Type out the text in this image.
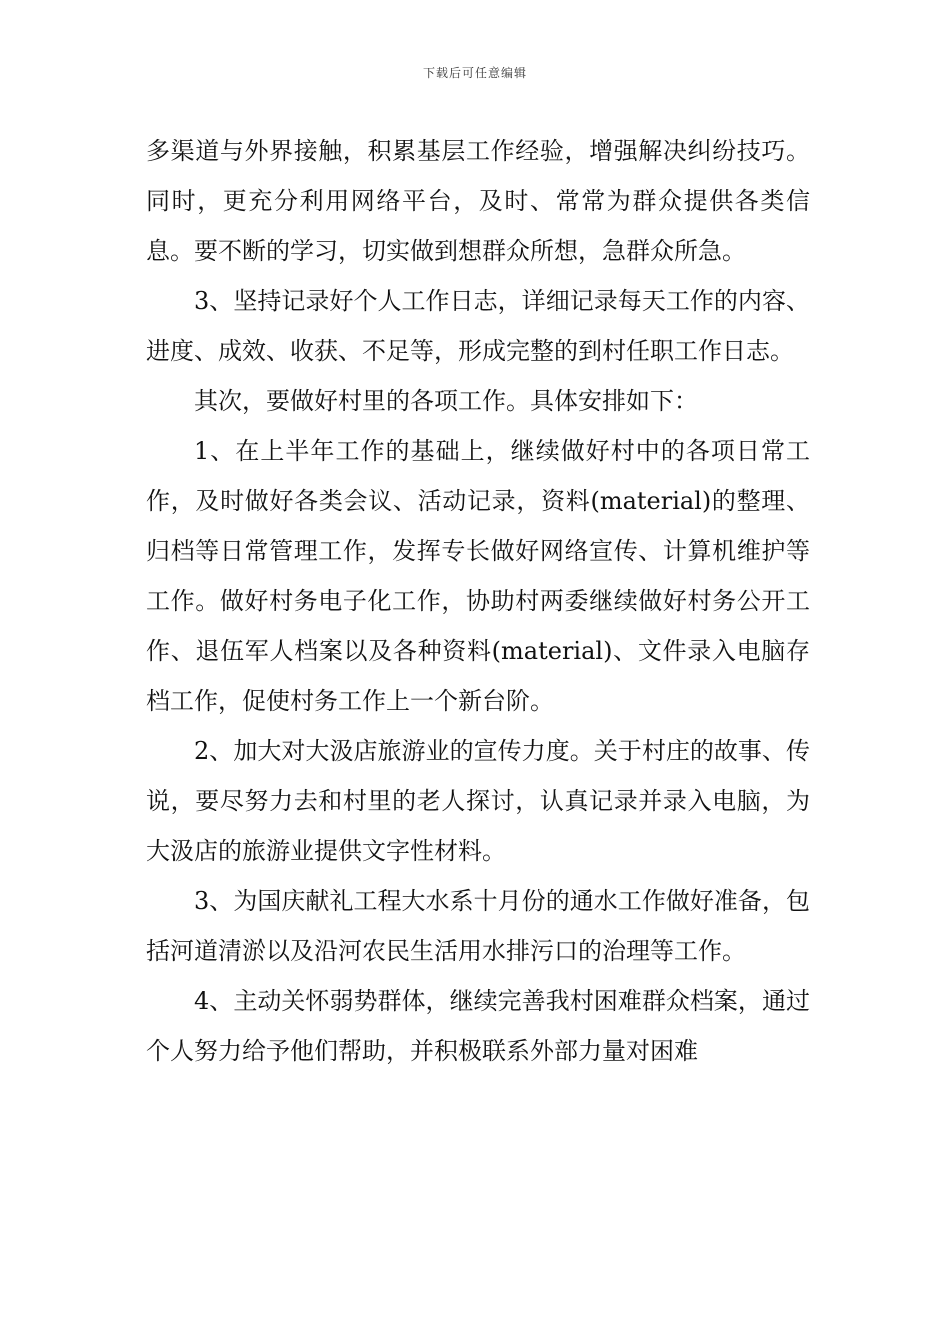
下载后可任意编辑

多渠道与外界接触，积累基层工作经验，增强解决纠纷技巧。同时，更充分利用网络平台，及时、常常为群众提供各类信息。要不断的学习，切实做到想群众所想，急群众所急。

3、坚持记录好个人工作日志，详细记录每天工作的内容、进度、成效、收获、不足等，形成完整的到村任职工作日志。

其次，要做好村里的各项工作。具体安排如下：

1、在上半年工作的基础上，继续做好村中的各项日常工作，及时做好各类会议、活动记录，资料(material)的整理、归档等日常管理工作，发挥专长做好网络宣传、计算机维护等工作。做好村务电子化工作，协助村两委继续做好村务公开工作、退伍军人档案以及各种资料(material)、文件录入电脑存档工作，促使村务工作上一个新台阶。

2、加大对大汲店旅游业的宣传力度。关于村庄的故事、传说，要尽努力去和村里的老人探讨，认真记录并录入电脑，为大汲店的旅游业提供文字性材料。

3、为国庆献礼工程大水系十月份的通水工作做好准备，包括河道清淤以及沿河农民生活用水排污口的治理等工作。

4、主动关怀弱势群体，继续完善我村困难群众档案，通过个人努力给予他们帮助，并积极联系外部力量对困难
